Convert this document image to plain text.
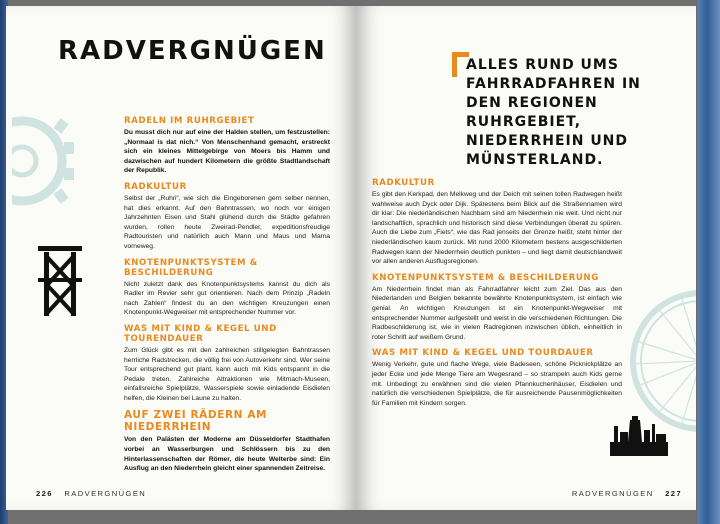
RADVERGNÜGEN
RADELN IM RUHRGEBIET

Du musst dich nur auf eine der Halden stellen, um festzustellen: „Normaal is dat nich.“ Von Menschenhand gemacht, erstreckt sich ein kleines Mittelgebirge von Moers bis Hamm und dazwischen auf hundert Kilometern die größte Stadtlandschaft der Republik.

RADKULTUR

Selbst der „Ruhri“, wie sich die Eingeborenen gern selber nennen, hat dies erkannt. Auf den Bahntrassen, wo noch vor einigen Jahrzehnten Eisen und Stahl glühend durch die Städte gefahren wurden, rollen heute Zweirad-Pendler, expeditionsfreudige Radtouristen und natürlich auch Mann und Maus und Mama vorneweg.

KNOTENPUNKTSYSTEM & BESCHILDERUNG

Nicht zuletzt dank des Knotenpunktsystems kannst du dich als Radler im Revier sehr gut orientieren. Nach dem Prinzip „Radeln nach Zahlen“ findest du an den wichtigen Kreuzungen einen Knotenpunkt-Wegweiser mit entsprechender Nummer vor.

WAS MIT KIND & KEGEL UND TOURENDAUER

Zum Glück gibt es mit den zahlreichen stillgelegten Bahntrassen herrliche Radstrecken, die völlig frei von Autoverkehr sind. Wer seine Tour entsprechend gut plant, kann auch mit Kids entspannt in die Pedale treten. Zahlreiche Attraktionen wie Mitmach-Museen, einfallsreiche Spielplätze, Wasserspiele sowie einladende Eisdielen helfen, die Kleinen bei Laune zu halten.

AUF ZWEI RÄDERN AM NIEDERRHEIN

Von den Palästen der Moderne am Düsseldorfer Stadthafen vorbei an Wasserburgen und Schlössern bis zu den Hinterlassenschaften der Römer, die heute Welterbe sind: Ein Ausflug an den Niederrhein gleicht einer spannenden Zeitreise.

226 RADVERGNÜGEN
ALLES RUND UMS FAHRRADFAHREN IN DEN REGIONEN RUHRGEBIET, NIEDERRHEIN UND MÜNSTERLAND.
RADKULTUR

Es gibt den Kerkpad, den Melkweg und der Deich mit seinen tollen Radwegen heißt wahlweise auch Dyck oder Dijk. Spätestens beim Blick auf die Straßennamen wird dir klar: Die niederländischen Nachbarn sind am Niederrhein nie weit. Und nicht nur landschaftlich, sprachlich und historisch sind diese Verbindungen überall zu spüren. Auch die Liebe zum „Fiets“, wie das Rad jenseits der Grenze heißt, steht hinter der niederländischen kaum zurück. Mit rund 2000 Kilometern bestens ausgeschilderten Radwegen kann der Niederrhein deutlich punkten – und liegt damit deutschlandweit vor allen anderen Ausflugsregionen.

KNOTENPUNKTSYSTEM & BESCHILDERUNG

Am Niederrhein findet man als Fahrradfahrer leicht zum Ziel. Das aus den Niederlanden und Belgien bekannte bewährte Knotenpunktsystem, ist einfach wie genial. An wichtigen Kreuzungen ist ein Knotenpunkt-Wegweiser mit entsprechender Nummer aufgestellt und weist in die verschiedenen Richtungen. Die Radbeschilderung ist, wie in vielen Radregionen inzwischen üblich, einheitlich in roter Schrift auf weißem Grund.

WAS MIT KIND & KEGEL UND TOURDAUER

Wenig Verkehr, gute und flache Wege, viele Badeseen, schöne Picknickplätze an jeder Ecke und jede Menge Tiere am Wegesrand – so strampeln auch Kids gerne mit. Unbedingt zu erwähnen sind die vielen Pfannkuchenhäuser, Eisdielen und natürlich die verschiedenen Spielplätze, die für ausreichende Pausenmöglichkeiten für Familien mit Kindern sorgen.

RADVERGNÜGEN 227
